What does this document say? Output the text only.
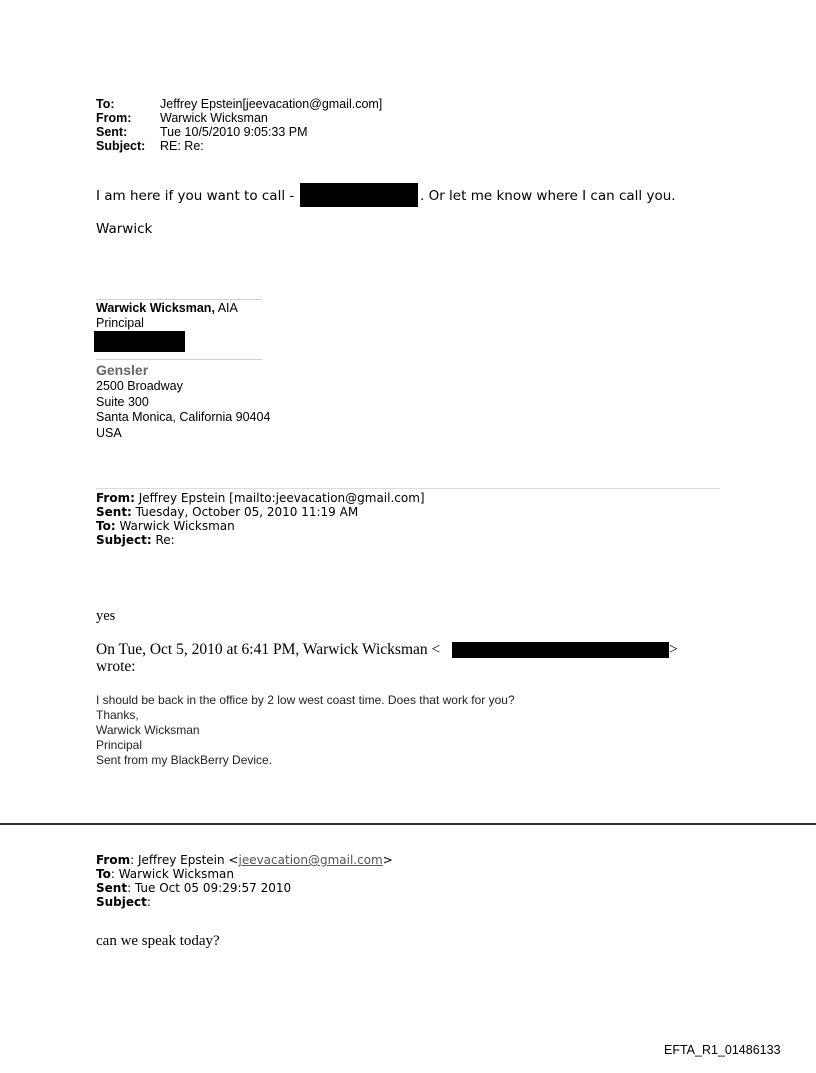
To:	Jeffrey Epstein[jeevacation@gmail.com]
From: Warwick Wicksman
Sent:	Tue 10/5/2010 9:05:33 PM
Subject: RE: Re:
I am here if you want to call -	. Or let me know where I can call you.
Warwick
Warwick Wicksman, AIA
Principal
Gensler
2500 Broadway
Suite 300
Santa Monica, California 90404
USA
From: Jeffrey Epstein [mailto:jeevacation@gmail.com]
Sent: Tuesday, October 05, 2010 11:19 AM
To: Warwick Wicksman
Subject: Re:
yes
On Tue, Oct 5, 2010 at 6:41 PM, Warwick Wicksman <	>
wrote:
I should be back in the office by 2 low west coast time. Does that work for you?
Thanks,
Warwick Wicksman
Principal
Sent from my BlackBerry Device.
From: Jeffrey Epstein <jeevacation@gmail.com>
To: Warwick Wicksman
Sent: Tue Oct 05 09:29:57 2010
Subject:
can we speak today?
EFTA_R1_01486133
